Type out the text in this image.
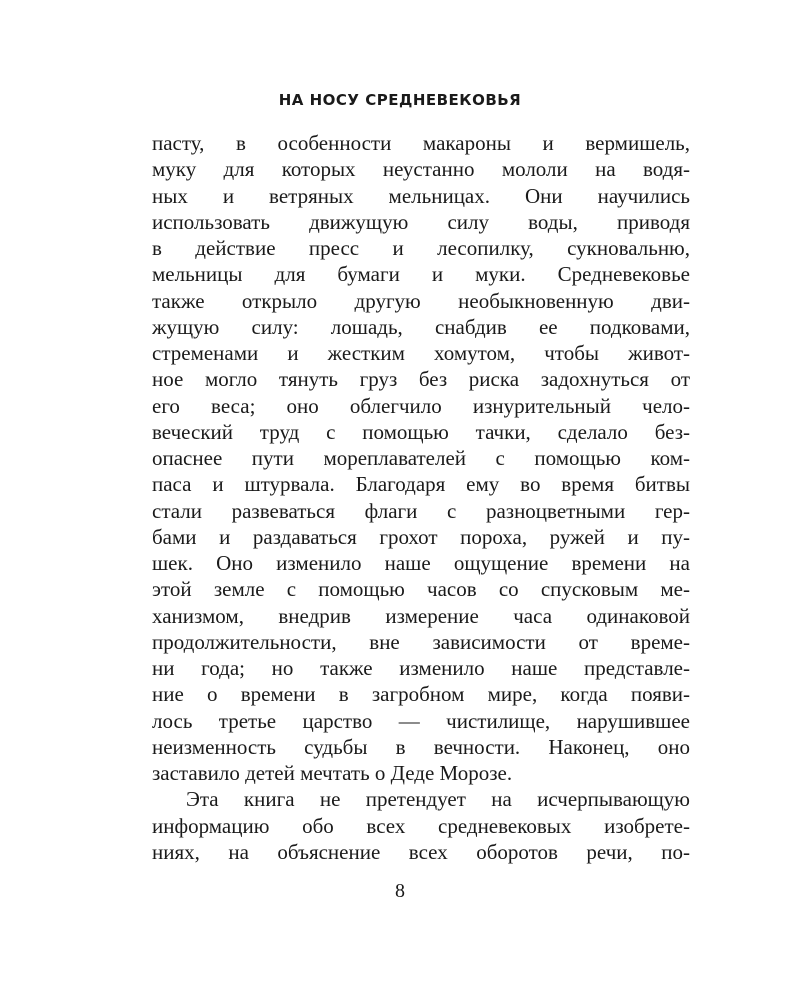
НА НОСУ СРЕДНЕВЕКОВЬЯ
пасту, в особенности макароны и вермишель,
муку для которых неустанно мололи на водя-
ных и ветряных мельницах. Они научились
использовать движущую силу воды, приводя
в действие пресс и лесопилку, сукновальню,
мельницы для бумаги и муки. Средневековье
также открыло другую необыкновенную дви-
жущую силу: лошадь, снабдив ее подковами,
стременами и жестким хомутом, чтобы живот-
ное могло тянуть груз без риска задохнуться от
его веса; оно облегчило изнурительный чело-
веческий труд с помощью тачки, сделало без-
опаснее пути мореплавателей с помощью ком-
паса и штурвала. Благодаря ему во время битвы
стали развеваться флаги с разноцветными гер-
бами и раздаваться грохот пороха, ружей и пу-
шек. Оно изменило наше ощущение времени на
этой земле с помощью часов со спусковым ме-
ханизмом, внедрив измерение часа одинаковой
продолжительности, вне зависимости от време-
ни года; но также изменило наше представле-
ние о времени в загробном мире, когда появи-
лось третье царство — чистилище, нарушившее
неизменность судьбы в вечности. Наконец, оно
заставило детей мечтать о Деде Морозе.
Эта книга не претендует на исчерпывающую
информацию обо всех средневековых изобрете-
ниях, на объяснение всех оборотов речи, по-
8
